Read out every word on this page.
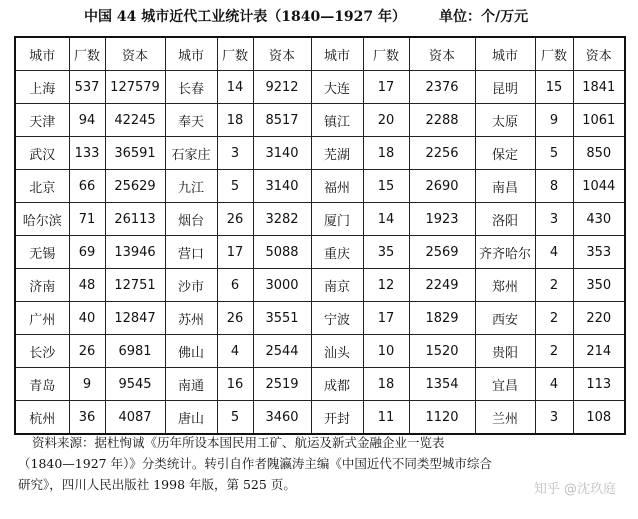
中国 44 城市近代工业统计表（1840—1927 年） 单位：个/万元
城市	厂数	资本	城市	厂数	资本	城市	厂数	资本	城市	厂数	资本
上海	537	127579	长春	14	9212	大连	17	2376	昆明	15	1841
天津	94	42245	奉天	18	8517	镇江	20	2288	太原	9	1061
武汉	133	36591	石家庄	3	3140	芜湖	18	2256	保定	5	850
北京	66	25629	九江	5	3140	福州	15	2690	南昌	8	1044
哈尔滨	71	26113	烟台	26	3282	厦门	14	1923	洛阳	3	430
无锡	69	13946	营口	17	5088	重庆	35	2569	齐齐哈尔	4	353
济南	48	12751	沙市	6	3000	南京	12	2249	郑州	2	350
广州	40	12847	苏州	26	3551	宁波	17	1829	西安	2	220
长沙	26	6981	佛山	4	2544	汕头	10	1520	贵阳	2	214
青岛	9	9545	南通	16	2519	成都	18	1354	宜昌	4	113
杭州	36	4087	唐山	5	3460	开封	11	1120	兰州	3	108
资料来源：据杜恂诚《历年所设本国民用工矿、航运及新式金融企业一览表
（1840—1927 年）》分类统计。转引自作者隗瀛涛主编《中国近代不同类型城市综合
研究》，四川人民出版社 1998 年版，第 525 页。	知乎 @沈玖庭
